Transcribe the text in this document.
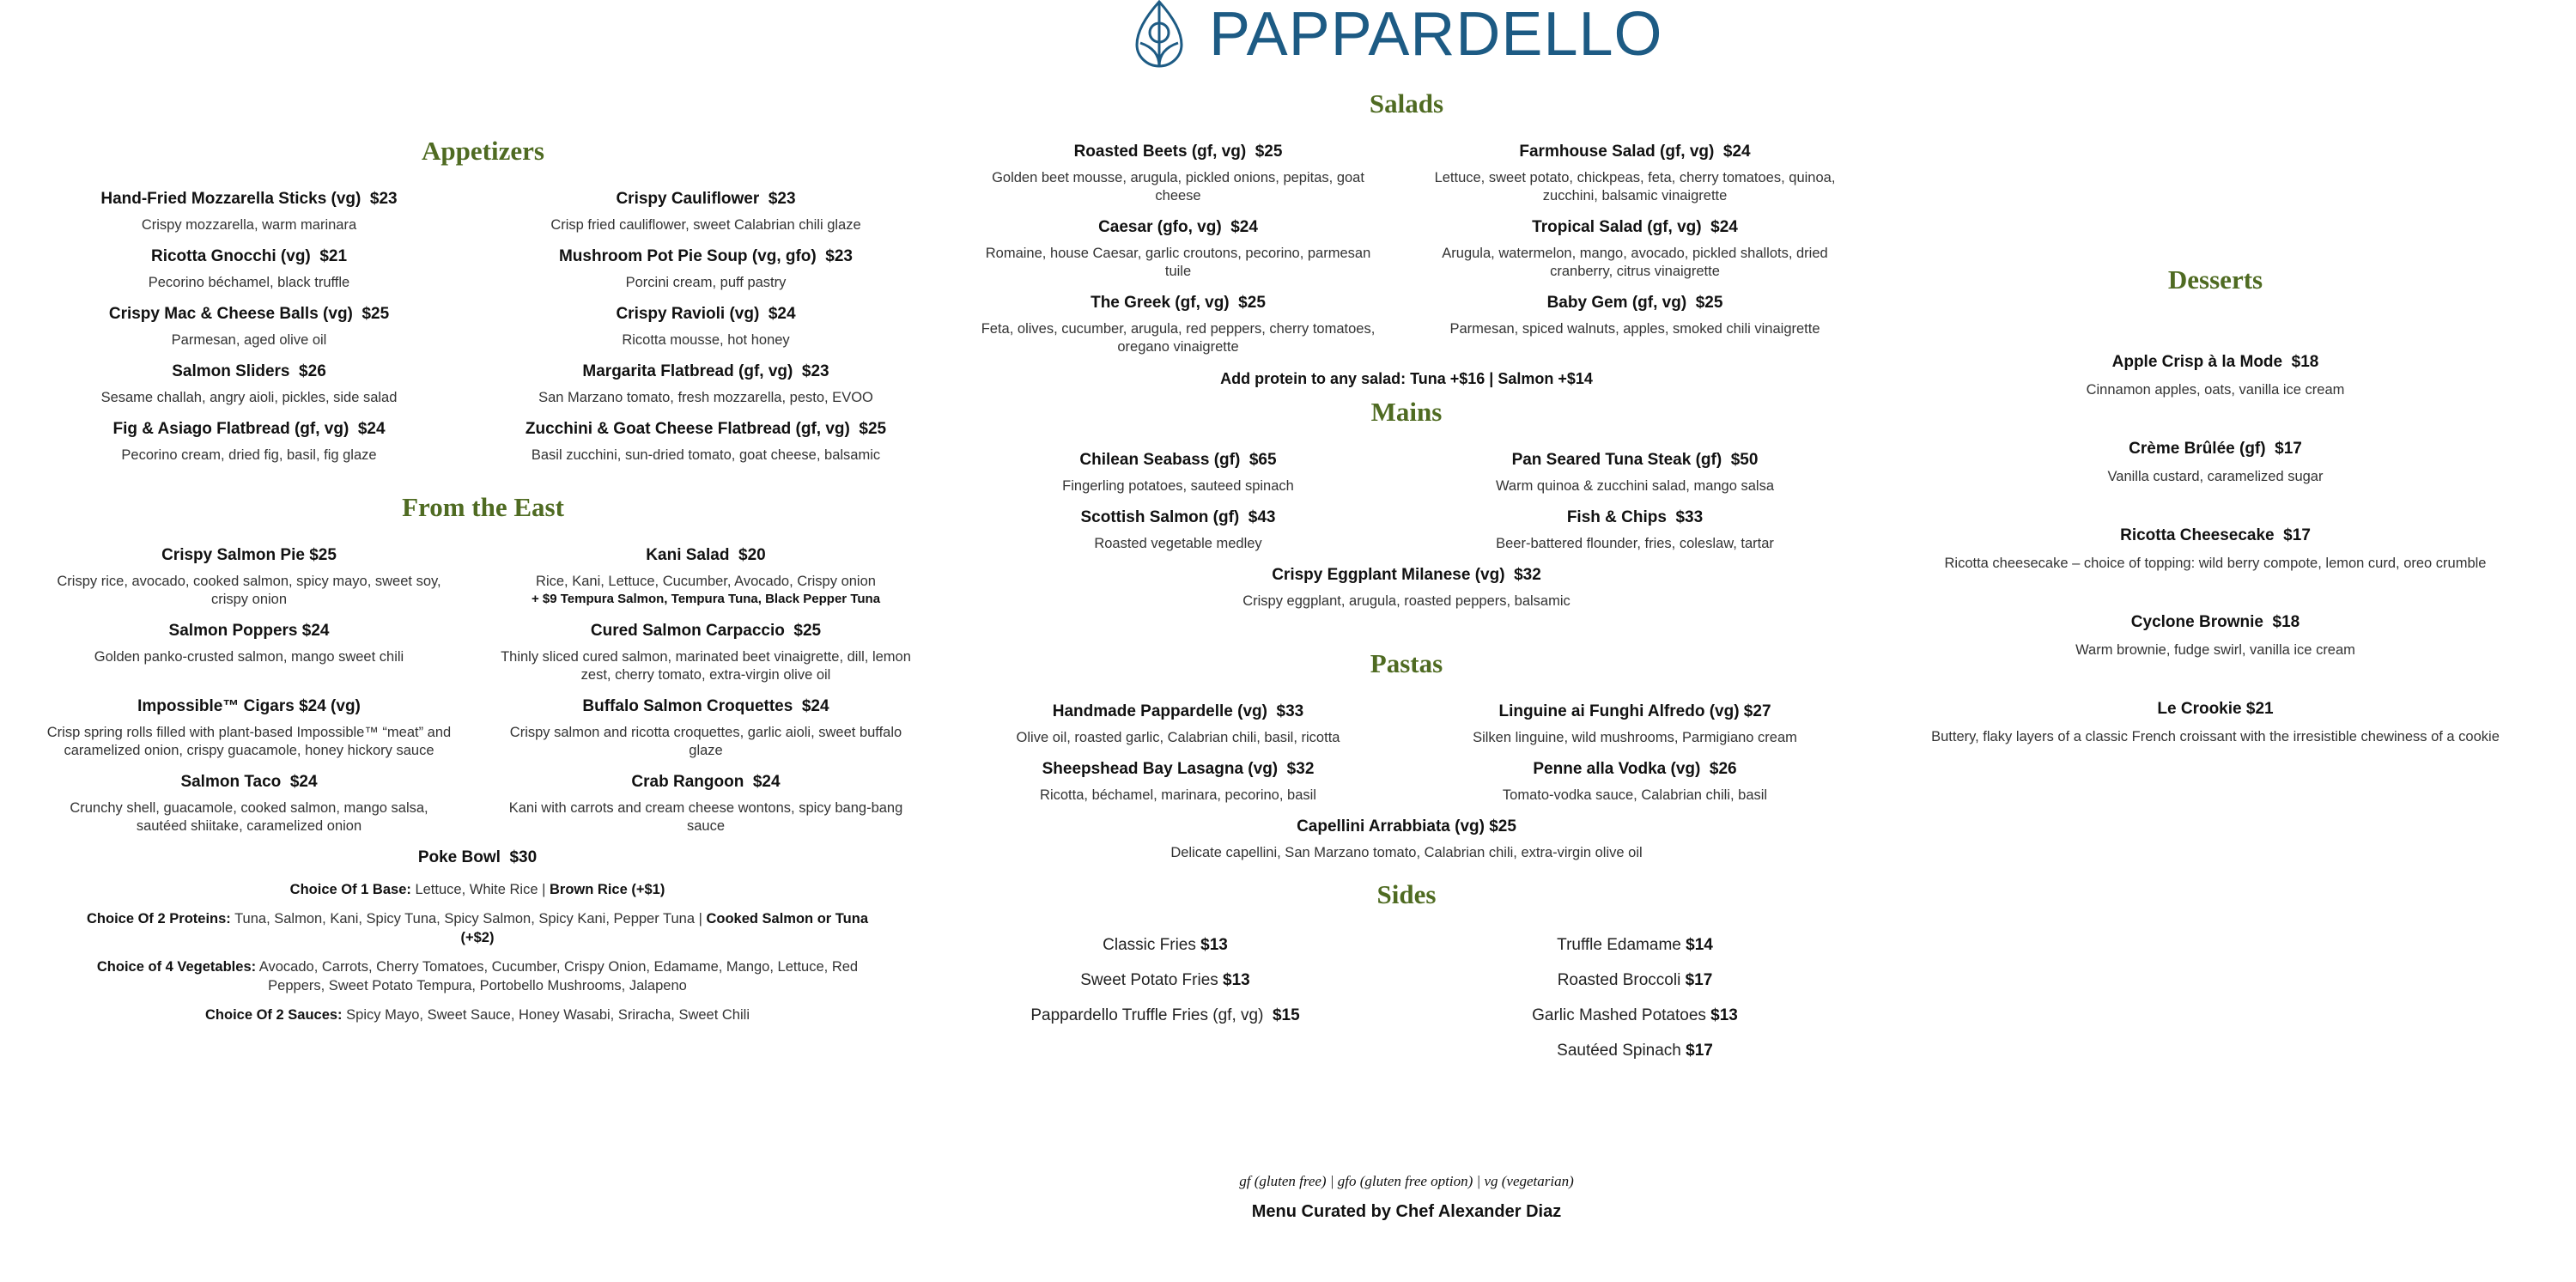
PAPPARDELLO
Appetizers
Hand-Fried Mozzarella Sticks (vg)  $23
Crispy mozzarella, warm marinara
Crispy Cauliflower  $23
Crisp fried cauliflower, sweet Calabrian chili glaze
Ricotta Gnocchi (vg)  $21
Pecorino béchamel, black truffle
Mushroom Pot Pie Soup (vg, gfo)  $23
Porcini cream, puff pastry
Crispy Mac & Cheese Balls (vg)  $25
Parmesan, aged olive oil
Crispy Ravioli (vg)  $24
Ricotta mousse, hot honey
Salmon Sliders  $26
Sesame challah, angry aioli, pickles, side salad
Margarita Flatbread (gf, vg)  $23
San Marzano tomato, fresh mozzarella, pesto, EVOO
Fig & Asiago Flatbread (gf, vg)  $24
Pecorino cream, dried fig, basil, fig glaze
Zucchini & Goat Cheese Flatbread (gf, vg)  $25
Basil zucchini, sun-dried tomato, goat cheese, balsamic
From the East
Crispy Salmon Pie $25
Crispy rice, avocado, cooked salmon, spicy mayo, sweet soy, crispy onion
Kani Salad  $20
Rice, Kani, Lettuce, Cucumber, Avocado, Crispy onion
+ $9 Tempura Salmon, Tempura Tuna, Black Pepper Tuna
Salmon Poppers $24
Golden panko-crusted salmon, mango sweet chili
Cured Salmon Carpaccio  $25
Thinly sliced cured salmon, marinated beet vinaigrette, dill, lemon zest, cherry tomato, extra-virgin olive oil
Impossible™ Cigars $24 (vg)
Crisp spring rolls filled with plant-based Impossible™ “meat” and caramelized onion, crispy guacamole, honey hickory sauce
Buffalo Salmon Croquettes  $24
Crispy salmon and ricotta croquettes, garlic aioli, sweet buffalo glaze
Salmon Taco  $24
Crunchy shell, guacamole, cooked salmon, mango salsa, sautéed shiitake, caramelized onion
Crab Rangoon  $24
Kani with carrots and cream cheese wontons, spicy bang-bang sauce
Poke Bowl  $30
Choice Of 1 Base: Lettuce, White Rice | Brown Rice (+$1)
Choice Of 2 Proteins: Tuna, Salmon, Kani, Spicy Tuna, Spicy Salmon, Spicy Kani, Pepper Tuna | Cooked Salmon or Tuna (+$2)
Choice of 4 Vegetables: Avocado, Carrots, Cherry Tomatoes, Cucumber, Crispy Onion, Edamame, Mango, Lettuce, Red Peppers, Sweet Potato Tempura, Portobello Mushrooms, Jalapeno
Choice Of 2 Sauces: Spicy Mayo, Sweet Sauce, Honey Wasabi, Sriracha, Sweet Chili
Salads
Roasted Beets (gf, vg)  $25
Golden beet mousse, arugula, pickled onions, pepitas, goat cheese
Farmhouse Salad (gf, vg)  $24
Lettuce, sweet potato, chickpeas, feta, cherry tomatoes, quinoa, zucchini, balsamic vinaigrette
Caesar (gfo, vg)  $24
Romaine, house Caesar, garlic croutons, pecorino, parmesan tuile
Tropical Salad (gf, vg)  $24
Arugula, watermelon, mango, avocado, pickled shallots, dried cranberry, citrus vinaigrette
The Greek (gf, vg)  $25
Feta, olives, cucumber, arugula, red peppers, cherry tomatoes, oregano vinaigrette
Baby Gem (gf, vg)  $25
Parmesan, spiced walnuts, apples, smoked chili vinaigrette
Add protein to any salad: Tuna +$16 | Salmon +$14
Mains
Chilean Seabass (gf)  $65
Fingerling potatoes, sauteed spinach
Pan Seared Tuna Steak (gf)  $50
Warm quinoa & zucchini salad, mango salsa
Scottish Salmon (gf)  $43
Roasted vegetable medley
Fish & Chips  $33
Beer-battered flounder, fries, coleslaw, tartar
Crispy Eggplant Milanese (vg)  $32
Crispy eggplant, arugula, roasted peppers, balsamic
Pastas
Handmade Pappardelle (vg)  $33
Olive oil, roasted garlic, Calabrian chili, basil, ricotta
Linguine ai Funghi Alfredo (vg) $27
Silken linguine, wild mushrooms, Parmigiano cream
Sheepshead Bay Lasagna (vg)  $32
Ricotta, béchamel, marinara, pecorino, basil
Penne alla Vodka (vg)  $26
Tomato-vodka sauce, Calabrian chili, basil
Capellini Arrabbiata (vg) $25
Delicate capellini, San Marzano tomato, Calabrian chili, extra-virgin olive oil
Sides
Classic Fries $13
Sweet Potato Fries $13
Pappardello Truffle Fries (gf, vg)  $15
Truffle Edamame $14
Roasted Broccoli $17
Garlic Mashed Potatoes $13
Sautéed Spinach $17
Desserts
Apple Crisp à la Mode  $18
Cinnamon apples, oats, vanilla ice cream
Crème Brûlée (gf)  $17
Vanilla custard, caramelized sugar
Ricotta Cheesecake  $17
Ricotta cheesecake – choice of topping: wild berry compote, lemon curd, oreo crumble
Cyclone Brownie  $18
Warm brownie, fudge swirl, vanilla ice cream
Le Crookie $21
Buttery, flaky layers of a classic French croissant with the irresistible chewiness of a cookie
gf (gluten free) | gfo (gluten free option) | vg (vegetarian)
Menu Curated by Chef Alexander Diaz
